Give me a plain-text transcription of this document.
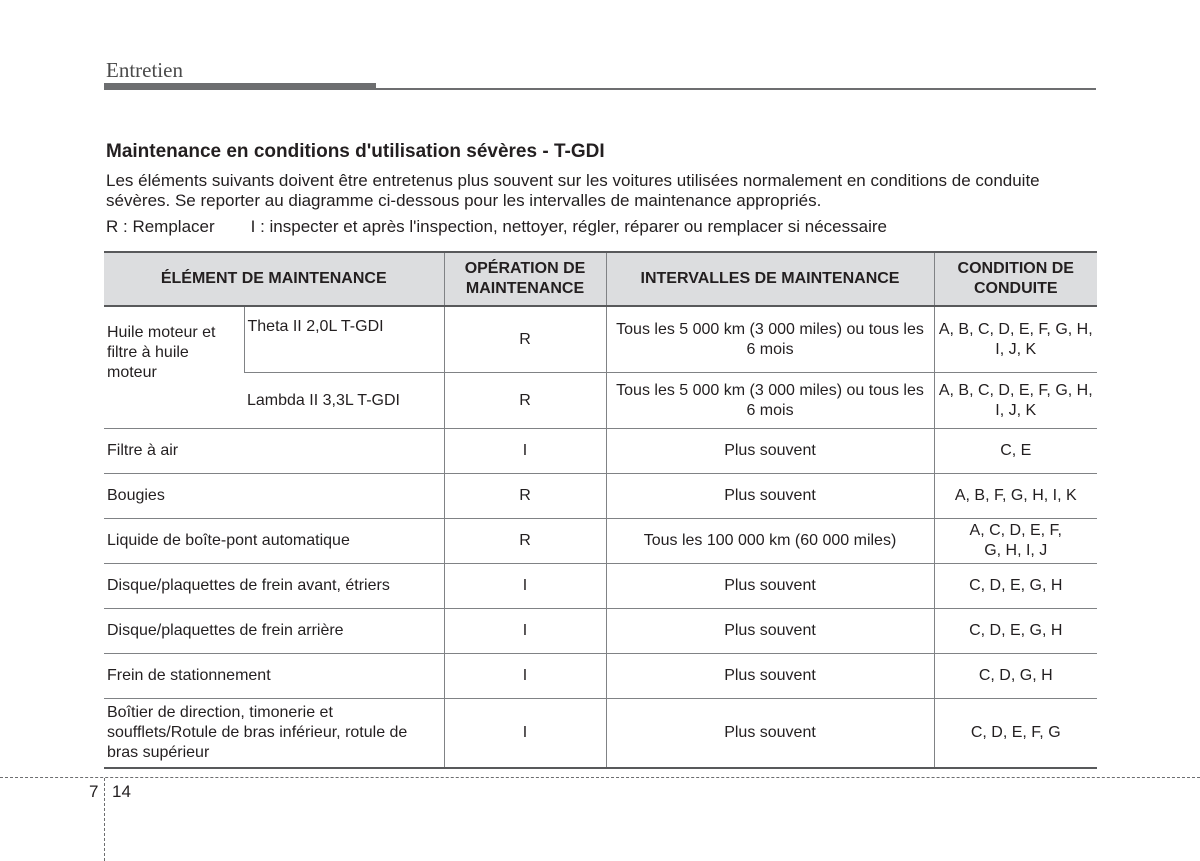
Entretien
Maintenance en conditions d'utilisation sévères - T-GDI

Les éléments suivants doivent être entretenus plus souvent sur les voitures utilisées normalement en conditions de conduite sévères. Se reporter au diagramme ci-dessous pour les intervalles de maintenance appropriés.

R : Remplacer I : inspecter et après l'inspection, nettoyer, régler, réparer ou remplacer si nécessaire
ÉLÉMENT DE MAINTENANCE		OPÉRATION DE MAINTENANCE	INTERVALLES DE MAINTENANCE	CONDITION DE CONDUITE
Huile moteur et filtre à huile moteur	Theta II 2,0L T-GDI	R	Tous les 5 000 km (3 000 miles) ou tous les 6 mois	A, B, C, D, E, F, G, H, I, J, K
	Lambda II 3,3L T-GDI	R	Tous les 5 000 km (3 000 miles) ou tous les 6 mois	A, B, C, D, E, F, G, H, I, J, K
Filtre à air		I	Plus souvent	C, E
Bougies		R	Plus souvent	A, B, F, G, H, I, K
Liquide de boîte-pont automatique		R	Tous les 100 000 km (60 000 miles)	A, C, D, E, F, G, H, I, J
Disque/plaquettes de frein avant, étriers		I	Plus souvent	C, D, E, G, H
Disque/plaquettes de frein arrière		I	Plus souvent	C, D, E, G, H
Frein de stationnement		I	Plus souvent	C, D, G, H
Boîtier de direction, timonerie et soufflets/Rotule de bras inférieur, rotule de bras supérieur		I	Plus souvent	C, D, E, F, G
7 14
